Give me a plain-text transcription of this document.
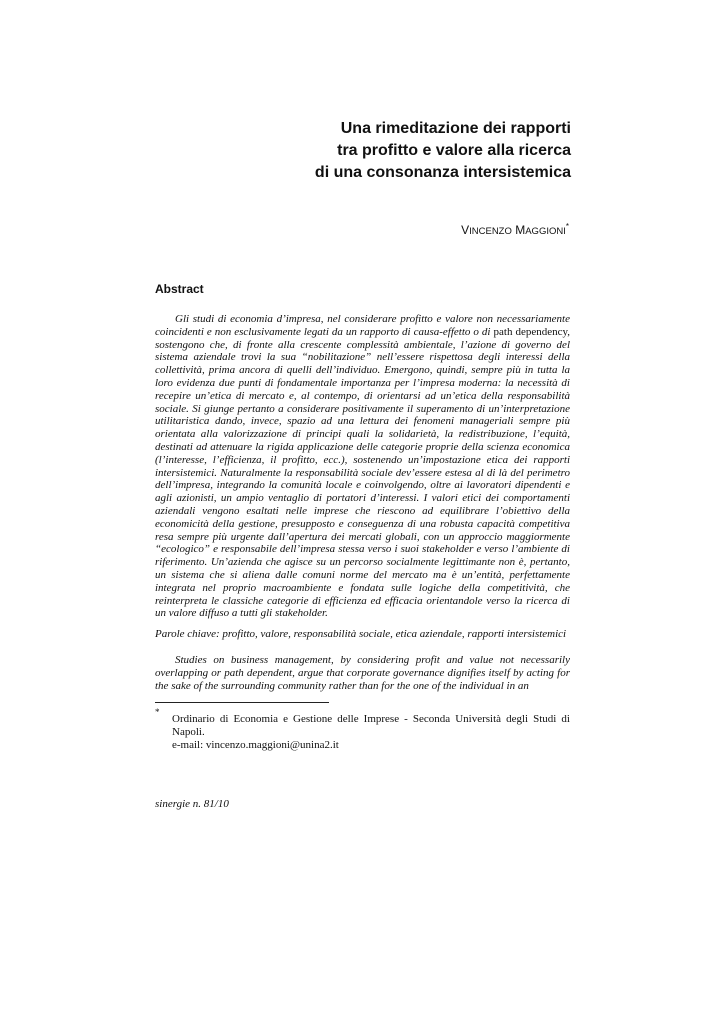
Una rimeditazione dei rapporti
tra profitto e valore alla ricerca
di una consonanza intersistemica
VINCENZO MAGGIONI*
Abstract

Gli studi di economia d’impresa, nel considerare profitto e valore non necessariamente coincidenti e non esclusivamente legati da un rapporto di causa-effetto o di path dependency, sostengono che, di fronte alla crescente complessità ambientale, l’azione di governo del sistema aziendale trovi la sua “nobilitazione” nell’essere rispettosa degli interessi della collettività, prima ancora di quelli dell’individuo. Emergono, quindi, sempre più in tutta la loro evidenza due punti di fondamentale importanza per l’impresa moderna: la necessità di recepire un’etica di mercato e, al contempo, di orientarsi ad un’etica della responsabilità sociale. Si giunge pertanto a considerare positivamente il superamento di un’interpretazione utilitaristica dando, invece, spazio ad una lettura dei fenomeni manageriali sempre più orientata alla valorizzazione di principi quali la solidarietà, la redistribuzione, l’equità, destinati ad attenuare la rigida applicazione delle categorie proprie della scienza economica (l’interesse, l’efficienza, il profitto, ecc.), sostenendo un’impostazione etica dei rapporti intersistemici. Naturalmente la responsabilità sociale dev’essere estesa al di là del perimetro dell’impresa, integrando la comunità locale e coinvolgendo, oltre ai lavoratori dipendenti e agli azionisti, un ampio ventaglio di portatori d’interessi. I valori etici dei comportamenti aziendali vengono esaltati nelle imprese che riescono ad equilibrare l’obiettivo della economicità della gestione, presupposto e conseguenza di una robusta capacità competitiva resa sempre più urgente dall’apertura dei mercati globali, con un approccio maggiormente “ecologico” e responsabile dell’impresa stessa verso i suoi stakeholder e verso l’ambiente di riferimento. Un’azienda che agisce su un percorso socialmente legittimante non è, pertanto, un sistema che si aliena dalle comuni norme del mercato ma è un’entità, perfettamente integrata nel proprio macroambiente e fondata sulle logiche della competitività, che reinterpreta le classiche categorie di efficienza ed efficacia orientandole verso la ricerca di un valore diffuso a tutti gli stakeholder.

Parole chiave: profitto, valore, responsabilità sociale, etica aziendale, rapporti intersistemici

Studies on business management, by considering profit and value not necessarily overlapping or path dependent, argue that corporate governance dignifies itself by acting for the sake of the surrounding community rather than for the one of the individual in an

*
Ordinario di Economia e Gestione delle Imprese - Seconda Università degli Studi di Napoli.
e-mail: vincenzo.maggioni@unina2.it
sinergie n. 81/10
